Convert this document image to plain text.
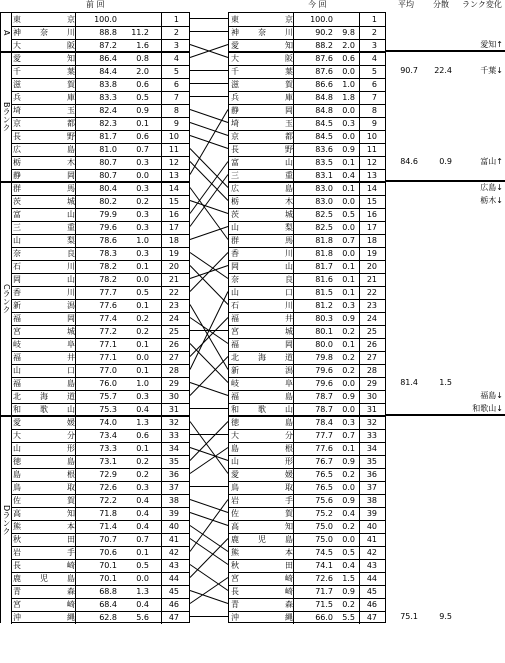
前 回	今 回	平均 分散 ランク変化
東	京	100.0	1
神 奈 川	88.8	11.2	2
大	阪	87.2	1.6	3
愛	知	86.4	0.8	4
千	葉	84.4	2.0	5
滋	賀	83.8	0.6	6
兵	庫	83.3	0.5	7
埼	玉	82.4	0.9	8
京	都	82.3	0.1	9
長	野	81.7	0.6	10
広	島	81.0	0.7	11
栃	木	80.7	0.3	12
静	岡	80.7	0.0	13
群	馬	80.4	0.3	14
茨	城	80.2	0.2	15
富	山	79.9	0.3	16
三	重	79.6	0.3	17
山	梨	78.6	1.0	18
奈	良	78.3	0.3	19
石	川	78.2	0.1	20
岡	山	78.2	0.0	21
香	川	77.7	0.5	22
新	潟	77.6	0.1	23
福	岡	77.4	0.2	24
宮	城	77.2	0.2	25
岐	阜	77.1	0.1	26
福	井	77.1	0.0	27
山	口	77.0	0.1	28
福	島	76.0	1.0	29
北 海 道	75.7	0.3	30
和 歌 山	75.3	0.4	31
愛	媛	74.0	1.3	32
大	分	73.4	0.6	33
山	形	73.3	0.1	34
徳	島	73.1	0.2	35
島	根	72.9	0.2	36
鳥	取	72.6	0.3	37
佐	賀	72.2	0.4	38
高	知	71.8	0.4	39
熊	本	71.4	0.4	40
秋	田	70.7	0.7	41
岩	手	70.6	0.1	42
長	崎	70.1	0.5	43
鹿 児 島	70.1	0.0	44
青	森	68.8	1.3	45
宮	崎	68.4	0.4	46
沖	縄	62.8	5.6	47
A
Bランク
Cランク
Dランク
東	京	100.0	1
神 奈 川	90.2	9.8	2
愛	知	88.2	2.0	3
大	阪	87.6	0.6	4
千	葉	87.6	0.0	5
滋	賀	86.6	1.0	6
兵	庫	84.8	1.8	7
静	岡	84.8	0.0	8
埼	玉	84.5	0.3	9
京	都	84.5	0.0	10
長	野	83.6	0.9	11
富	山	83.5	0.1	12
三	重	83.1	0.4	13
広	島	83.0	0.1	14
栃	木	83.0	0.0	15
茨	城	82.5	0.5	16
山	梨	82.5	0.0	17
群	馬	81.8	0.7	18
香	川	81.8	0.0	19
岡	山	81.7	0.1	20
奈	良	81.6	0.1	21
山	口	81.5	0.1	22
石	川	81.2	0.3	23
福	井	80.3	0.9	24
宮	城	80.1	0.2	25
福	岡	80.0	0.1	26
北 海 道	79.8	0.2	27
新	潟	79.6	0.2	28
岐	阜	79.6	0.0	29
福	島	78.7	0.9	30
和 歌 山	78.7	0.0	31
徳	島	78.4	0.3	32
大	分	77.7	0.7	33
島	根	77.6	0.1	34
山	形	76.7	0.9	35
愛	媛	76.5	0.2	36
鳥	取	76.5	0.0	37
岩	手	75.6	0.9	38
佐	賀	75.2	0.4	39
高	知	75.0	0.2	40
鹿 児 島	75.0	0.0	41
熊	本	74.5	0.5	42
秋	田	74.1	0.4	43
宮	崎	72.6	1.5	44
長	崎	71.7	0.9	45
青	森	71.5	0.2	46
沖	縄	66.0	5.5	47
90.7	22.4
84.6	0.9
81.4	1.5
75.1	9.5
愛知↑
千葉↓
富山↑
広島↓
栃木↓
福島↓
和歌山↓
